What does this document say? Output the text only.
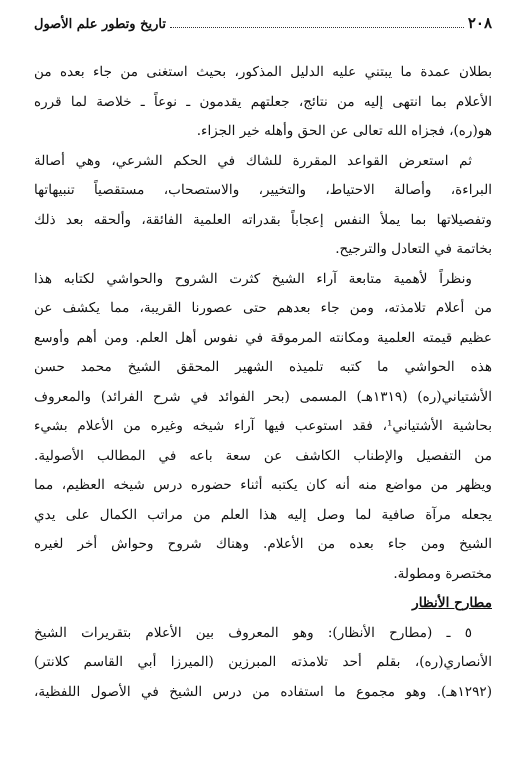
٢٠٨
تاريخ وتطور علم الأصول
بطلان عمدة ما يبتني عليه الدليل المذكور، بحيث استغنى من جاء بعده من
الأعلام بما انتهى إليه من نتائج، جعلتهم يقدمون ـ نوعاً ـ خلاصة لما قرره
هو(ره)، فجزاه الله تعالى عن الحق وأهله خير الجزاء.
ثم استعرض القواعد المقررة للشاك في الحكم الشرعي، وهي أصالة
البراءة، وأصالة الاحتياط، والتخيير، والاستصحاب، مستقصياً تنبيهاتها
وتفصيلاتها بما يملأ النفس إعجاباً بقدراته العلمية الفائقة، وألحقه بعد ذلك
بخاتمة في التعادل والترجيح.
ونظراً لأهمية متابعة آراء الشيخ كثرت الشروح والحواشي لكتابه هذا
من أعلام تلامذته، ومن جاء بعدهم حتى عصورنا القريبة، مما يكشف عن
عظيم قيمته العلمية ومكانته المرموقة في نفوس أهل العلم. ومن أهم وأوسع
هذه الحواشي ما كتبه تلميذه الشهير المحقق الشيخ محمد حسن
الأشتياني(ره) (١٣١٩هـ) المسمى (بحر الفوائد في شرح الفرائد) والمعروف
بحاشية الأشتياني¹، فقد استوعب فيها آراء شيخه وغيره من الأعلام بشيء
من التفصيل والإطناب الكاشف عن سعة باعه في المطالب الأصولية.
ويظهر من مواضع منه أنه كان يكتبه أثناء حضوره درس شيخه العظيم، مما
يجعله مرآة صافية لما وصل إليه هذا العلم من مراتب الكمال على يدي
الشيخ ومن جاء بعده من الأعلام. وهناك شروح وحواش أخر لغيره
مختصرة ومطولة.
مطارح الأنظار
٥ ـ (مطارح الأنظار): وهو المعروف بين الأعلام بتقريرات الشيخ
الأنصاري(ره)، بقلم أحد تلامذته المبرزين (الميرزا أبي القاسم كلانتر)
(١٢٩٢هـ). وهو مجموع ما استفاده من درس الشيخ في الأصول اللفظية،
